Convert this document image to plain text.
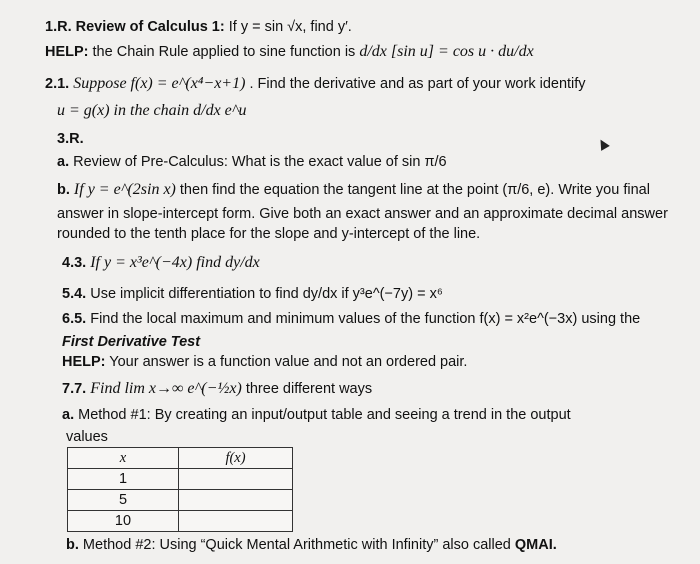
1.R. Review of Calculus 1: If y = sin √x, find y′.
HELP: the Chain Rule applied to sine function is d/dx [sin u] = cos u · du/dx
2.1. Suppose f(x) = e^(x⁴−x+1) . Find the derivative and as part of your work identify
u = g(x) in the chain d/dx e^u
3.R.
a. Review of Pre-Calculus: What is the exact value of sin π/6
b. If y = e^(2sin x) then find the equation the tangent line at the point (π/6, e). Write you final
answer in slope-intercept form. Give both an exact answer and an approximate decimal answer
rounded to the tenth place for the slope and y-intercept of the line.
4.3. If y = x³e^(−4x) find dy/dx
5.4. Use implicit differentiation to find dy/dx if y³e^(−7y) = x⁶
6.5. Find the local maximum and minimum values of the function f(x) = x²e^(−3x) using the
First Derivative Test
HELP: Your answer is a function value and not an ordered pair.
7.7. Find lim x→∞ e^(−½x) three different ways
a. Method #1: By creating an input/output table and seeing a trend in the output
values
x	f(x)
1	
5	
10	
b. Method #2: Using “Quick Mental Arithmetic with Infinity” also called QMAI.
